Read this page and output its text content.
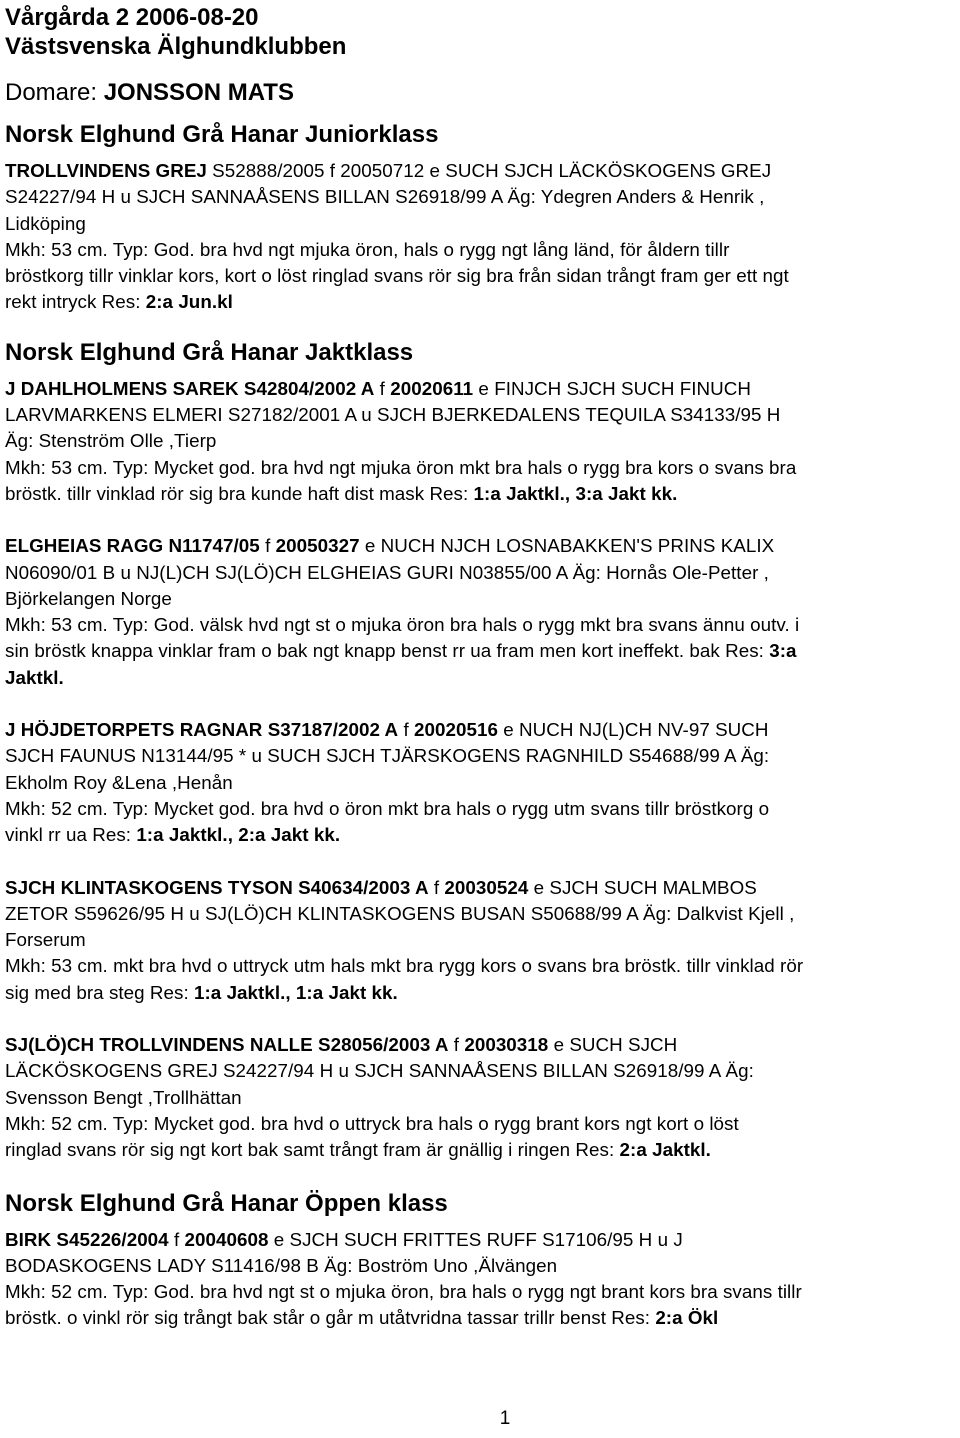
Vårgårda 2 2006-08-20
Västsvenska Älghundklubben
Domare: JONSSON MATS
Norsk Elghund Grå Hanar Juniorklass
TROLLVINDENS GREJ S52888/2005 f 20050712 e SUCH SJCH LÄCKÖSKOGENS GREJ
S24227/94 H u SJCH SANNAÅSENS BILLAN S26918/99 A Äg: Ydegren Anders & Henrik ,
Lidköping
Mkh: 53 cm. Typ: God. bra hvd ngt mjuka öron, hals o rygg ngt lång länd, för åldern tillr
bröstkorg tillr vinklar kors, kort o löst ringlad svans rör sig bra från sidan trångt fram ger ett ngt
rekt intryck Res: 2:a Jun.kl
Norsk Elghund Grå Hanar Jaktklass
J DAHLHOLMENS SAREK S42804/2002 A f 20020611 e FINJCH SJCH SUCH FINUCH
LARVMARKENS ELMERI S27182/2001 A u SJCH BJERKEDALENS TEQUILA S34133/95 H
Äg: Stenström Olle ,Tierp
Mkh: 53 cm. Typ: Mycket god. bra hvd ngt mjuka öron mkt bra hals o rygg bra kors o svans bra
bröstk. tillr vinklad rör sig bra kunde haft dist mask Res: 1:a Jaktkl., 3:a Jakt kk.
ELGHEIAS RAGG N11747/05 f 20050327 e NUCH NJCH LOSNABAKKEN'S PRINS KALIX
N06090/01 B u NJ(L)CH SJ(LÖ)CH ELGHEIAS GURI N03855/00 A Äg: Hornås Ole-Petter ,
Björkelangen Norge
Mkh: 53 cm. Typ: God. välsk hvd ngt st o mjuka öron bra hals o rygg mkt bra svans ännu outv. i
sin bröstk knappa vinklar fram o bak ngt knapp benst rr ua fram men kort ineffekt. bak Res: 3:a
Jaktkl.
J HÖJDETORPETS RAGNAR S37187/2002 A f 20020516 e NUCH NJ(L)CH NV-97 SUCH
SJCH FAUNUS N13144/95 * u SUCH SJCH TJÄRSKOGENS RAGNHILD S54688/99 A Äg:
Ekholm Roy &Lena ,Henån
Mkh: 52 cm. Typ: Mycket god. bra hvd o öron mkt bra hals o rygg utm svans tillr bröstkorg o
vinkl rr ua Res: 1:a Jaktkl., 2:a Jakt kk.
SJCH KLINTASKOGENS TYSON S40634/2003 A f 20030524 e SJCH SUCH MALMBOS
ZETOR S59626/95 H u SJ(LÖ)CH KLINTASKOGENS BUSAN S50688/99 A Äg: Dalkvist Kjell ,
Forserum
Mkh: 53 cm. mkt bra hvd o uttryck utm hals mkt bra rygg kors o svans bra bröstk. tillr vinklad rör
sig med bra steg Res: 1:a Jaktkl., 1:a Jakt kk.
SJ(LÖ)CH TROLLVINDENS NALLE S28056/2003 A f 20030318 e SUCH SJCH
LÄCKÖSKOGENS GREJ S24227/94 H u SJCH SANNAÅSENS BILLAN S26918/99 A Äg:
Svensson Bengt ,Trollhättan
Mkh: 52 cm. Typ: Mycket god. bra hvd o uttryck bra hals o rygg brant kors ngt kort o löst
ringlad svans rör sig ngt kort bak samt trångt fram är gnällig i ringen Res: 2:a Jaktkl.
Norsk Elghund Grå Hanar Öppen klass
BIRK S45226/2004 f 20040608 e SJCH SUCH FRITTES RUFF S17106/95 H u J
BODASKOGENS LADY S11416/98 B Äg: Boström Uno ,Älvängen
Mkh: 52 cm. Typ: God. bra hvd ngt st o mjuka öron, bra hals o rygg ngt brant kors bra svans tillr
bröstk. o vinkl rör sig trångt bak står o går m utåtvridna tassar trillr benst Res: 2:a Ökl
1
